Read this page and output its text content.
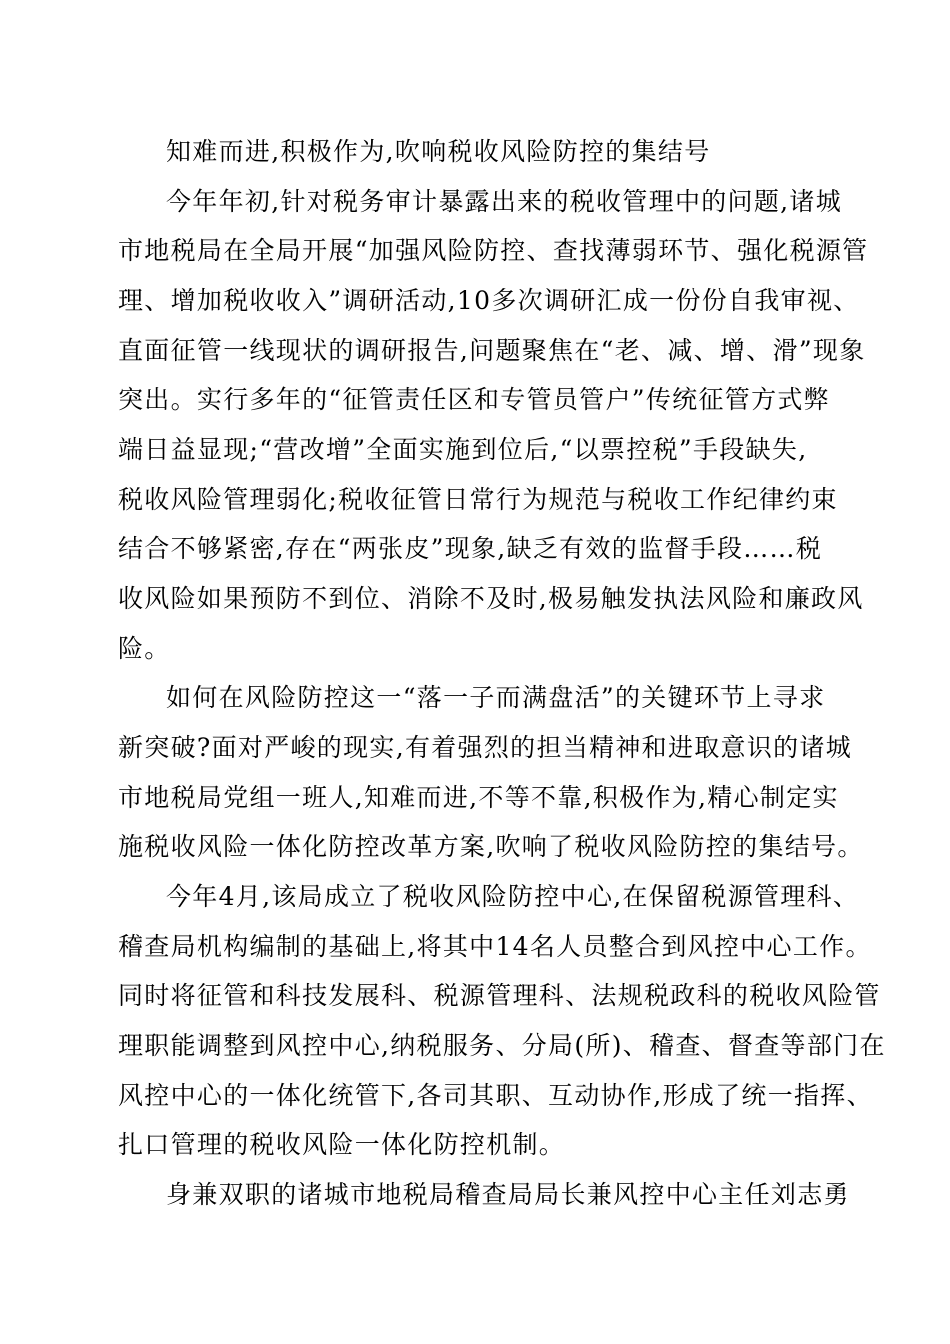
知难而进,积极作为,吹响税收风险防控的集结号
今年年初,针对税务审计暴露出来的税收管理中的问题,诸城
市地税局在全局开展“加强风险防控、查找薄弱环节、强化税源管
理、增加税收收入”调研活动,10多次调研汇成一份份自我审视、
直面征管一线现状的调研报告,问题聚焦在“老、减、增、滑”现象
突出。实行多年的“征管责任区和专管员管户”传统征管方式弊
端日益显现;“营改增”全面实施到位后,“以票控税”手段缺失,
税收风险管理弱化;税收征管日常行为规范与税收工作纪律约束
结合不够紧密,存在“两张皮”现象,缺乏有效的监督手段……税
收风险如果预防不到位、消除不及时,极易触发执法风险和廉政风
险。
如何在风险防控这一“落一子而满盘活”的关键环节上寻求
新突破?面对严峻的现实,有着强烈的担当精神和进取意识的诸城
市地税局党组一班人,知难而进,不等不靠,积极作为,精心制定实
施税收风险一体化防控改革方案,吹响了税收风险防控的集结号。
今年4月,该局成立了税收风险防控中心,在保留税源管理科、
稽查局机构编制的基础上,将其中14名人员整合到风控中心工作。
同时将征管和科技发展科、税源管理科、法规税政科的税收风险管
理职能调整到风控中心,纳税服务、分局(所)、稽查、督查等部门在
风控中心的一体化统管下,各司其职、互动协作,形成了统一指挥、
扎口管理的税收风险一体化防控机制。
身兼双职的诸城市地税局稽查局局长兼风控中心主任刘志勇
